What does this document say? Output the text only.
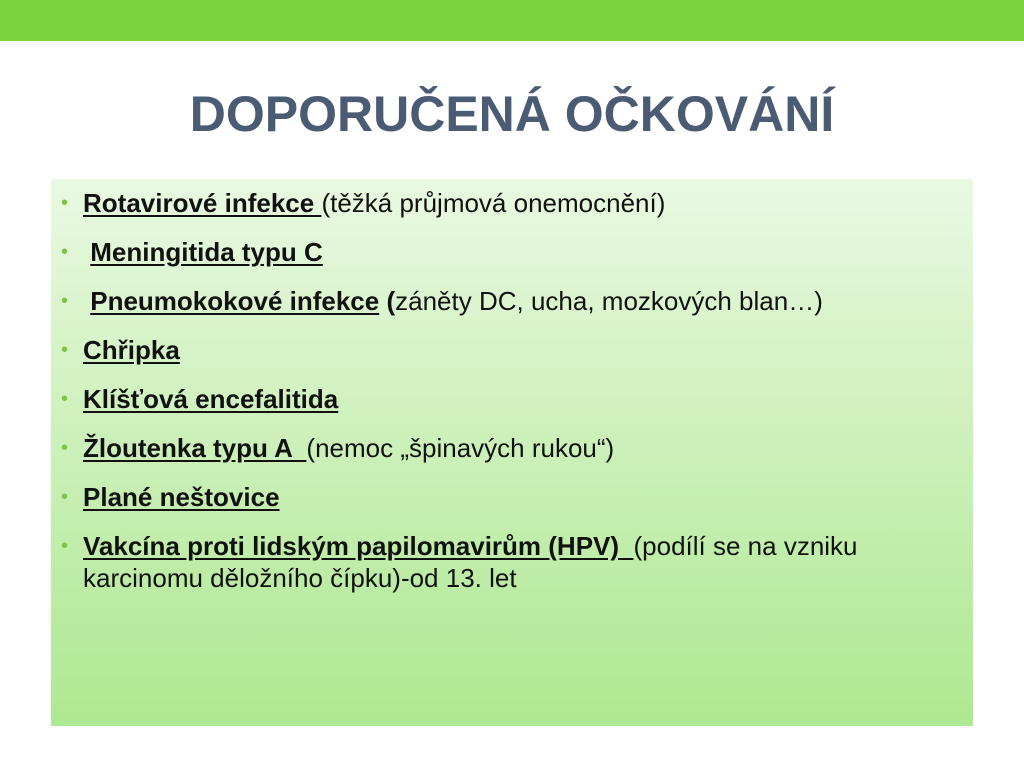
DOPORUČENÁ OČKOVÁNÍ
• Rotavirové infekce (těžká průjmová onemocnění)
• Meningitida typu C
• Pneumokokové infekce (záněty DC, ucha, mozkových blan…)
• Chřipka
• Klíšťová encefalitida
• Žloutenka typu A  (nemoc „špinavých rukou“)
• Plané neštovice
• Vakcína proti lidským papilomavirům (HPV)  (podílí se na vzniku karcinomu děložního čípku)-od 13. let
